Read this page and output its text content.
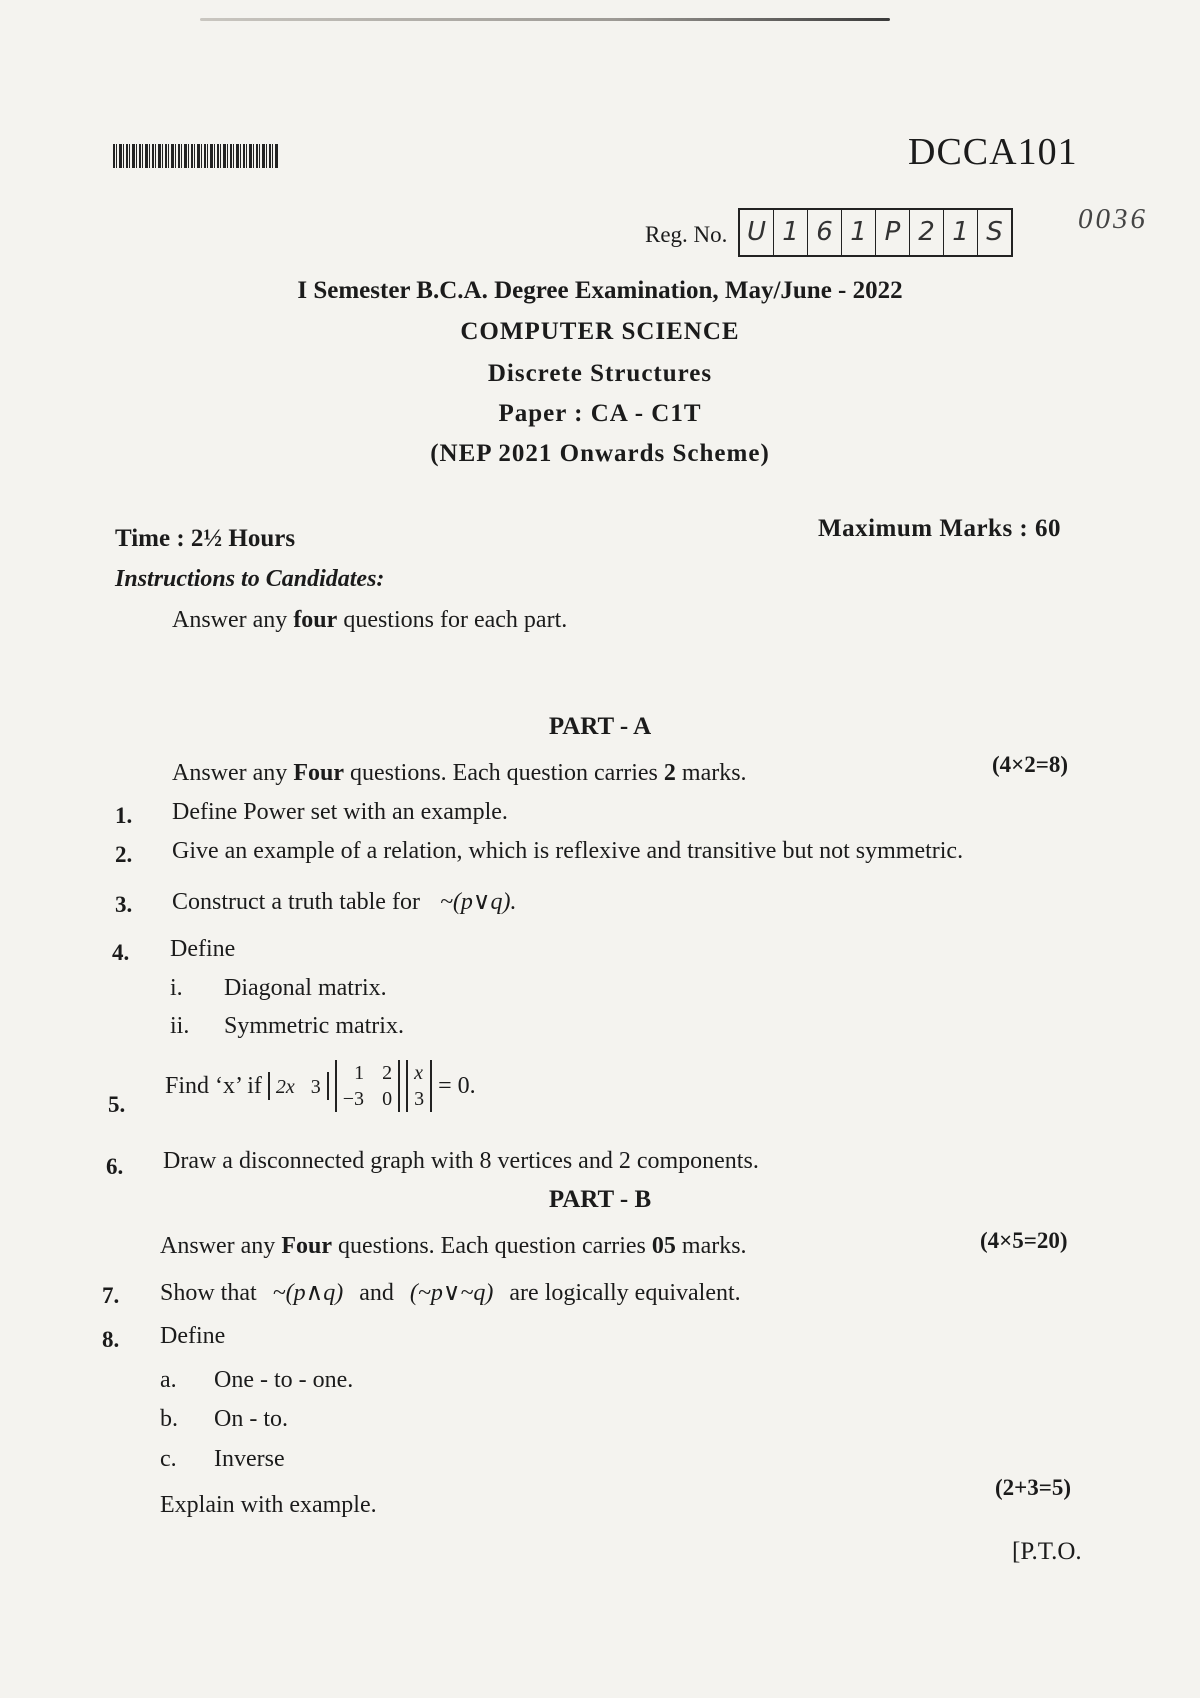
DCCA101
Reg. No. U 1 6 1 P 2 1 S	0036
I Semester B.C.A. Degree Examination, May/June - 2022
COMPUTER SCIENCE
Discrete Structures
Paper : CA - C1T
(NEP 2021 Onwards Scheme)
Time : 2½ Hours	Maximum Marks : 60
Instructions to Candidates:
Answer any four questions for each part.
PART - A
Answer any Four questions. Each question carries 2 marks.	(4×2=8)
1. Define Power set with an example.
2. Give an example of a relation, which is reflexive and transitive but not symmetric.
3. Construct a truth table for ~(p∨q).
4. Define
i. Diagonal matrix.
ii. Symmetric matrix.
5.
Find ‘x’ if 2x 3
1 2
−3 0
x
3
= 0.
6. Draw a disconnected graph with 8 vertices and 2 components.
PART - B
Answer any Four questions. Each question carries 05 marks.	(4×5=20)
7. Show that ~(p∧q) and (~p∨~q) are logically equivalent.
8. Define
a. One - to - one.
b. On - to.
c. Inverse
Explain with example.
(2+3=5)
[P.T.O.
